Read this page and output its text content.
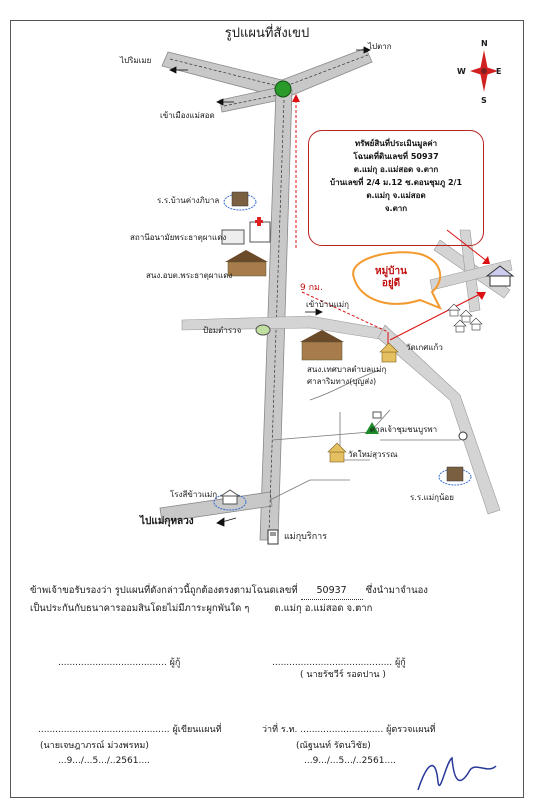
รูปแผนที่สังเขป
N
S
E
W
ไปริมเมย
ไปตาก
เข้าเมืองแม่สอด
เข้าบ้านแม่กุ
9 กม.
ไปแม่กุหลวง
ร.ร.บ้านค่างภิบาล
สถานีอนามัยพระธาตุผาแดง
สนง.อบต.พระธาตุผาแดง
ป้อมตำรวจ
สนง.เทศบาลตำบลแม่กุ
ศาลาริมทาง(บุญส่ง)
วัดเกศแก้ว
ศาลเจ้าชุมชนบูรพา
วัดใหม่สุวรรณ
โรงสีข้าวแม่กุ	ร.ร.แม่กุน้อย
แม่กุบริการ
ทรัพย์สินที่ประเมินมูลค่า
โฉนดที่ดินเลขที่ 50937
ต.แม่กุ อ.แม่สอด จ.ตาก
บ้านเลขที่ 2/4 ม.12 ซ.ดอนชุมภู 2/1
ต.แม่กุ จ.แม่สอด
จ.ตาก
หมู่บ้าน
อยู่ดี
ข้าพเจ้าขอรับรองว่า รูปแผนที่ดังกล่าวนี้ถูกต้องตรงตามโฉนดเลขที่ 50937 ซึ่งนำมาจำนอง
เป็นประกันกับธนาคารออมสินโดยไม่มีภาระผูกพันใด ๆ	ต.แม่กุ อ.แม่สอด จ.ตาก
...................................... ผู้กู้	.......................................... ผู้กู้
( นายรัชวีร์ รอดปาน )
.............................................. ผู้เขียนแผนที่
(นายเจษฎาภรณ์ ม่วงพรหม)
...9.../...5.../..2561....
ว่าที่ ร.ท. ............................. ผู้ตรวจแผนที่
(ณัฐนนท์ รัตนวิชัย)
...9.../...5.../..2561....
